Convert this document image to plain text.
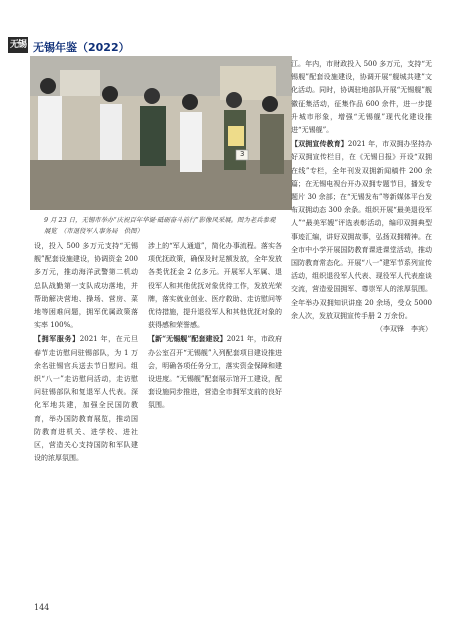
无锡 无锡年鉴（2022）
3
9 月 23 日，无锡市举办“庆祝百年华诞·砥砺奋斗前行”影像风采展。图为老兵参观展览　（市退役军人事务局　供图）

设，投入 500 多万元支持“无锡舰”配套设施建设，协调资金 200 多万元，推动海洋武警第二机动总队战勤第一支队成功落地，并帮助解决营地、操场、营房、菜地等困难问题，拥军优属政策落实率 100%。

【拥军服务】2021 年，在元旦春节走访慰问驻锡部队，为 1 万余名驻锡官兵送去节日慰问。组织“八一”走访慰问活动，走访慰问驻锡部队和复退军人代表。深化军地共建，加强全民国防教育，举办国防教育展览，推动国防教育进机关、进学校、进社区，营造关心支持国防和军队建设的浓厚氛围。

涉上的“军人通道”，简化办事流程。落实各项优抚政策，确保及时足额发放，全年发放各类优抚金 2 亿多元。开展军人军属、退役军人和其他优抚对象优待工作，发放光荣牌，落实就业创业、医疗救助、走访慰问等优待措施，提升退役军人和其他优抚对象的获得感和荣誉感。

【新“无锡舰”配套建设】2021 年，市政府办公室召开“无锡舰”入列配套项目建设推进会，明确各项任务分工，落实资金保障和建设进度。“无锡舰”配套展示馆开工建设，配套设施同步推进，营造全市拥军支前的良好氛围。

江。年内，市财政投入 500 多万元，支持“无锡舰”配套设施建设，协调开展“舰城共建”文化活动。同时，协调驻地部队开展“无锡舰”舰徽征集活动，征集作品 600 余件，进一步提升城市形象，增强“无锡舰”现代化建设推进“无锡舰”。

【双拥宣传教育】2021 年，市双拥办坚持办好双拥宣传栏目，在《无锡日报》开设“双拥在线”专栏，全年刊发双拥新闻稿件 200 余篇；在无锡电视台开办双拥专题节目，播发专题片 30 余部；在“无锡发布”等新媒体平台发布双拥动态 300 余条。组织开展“最美退役军人”“最美军嫂”评选表彰活动，编印双拥典型事迹汇编，讲好双拥故事，弘扬双拥精神。在全市中小学开展国防教育课进课堂活动，推动国防教育常态化。开展“八一”建军节系列宣传活动，组织退役军人代表、现役军人代表座谈交流，营造爱国拥军、尊崇军人的浓厚氛围。全年举办双拥知识讲座 20 余场，受众 5000 余人次，发放双拥宣传手册 2 万余份。

（李双锋　李宾）

144
